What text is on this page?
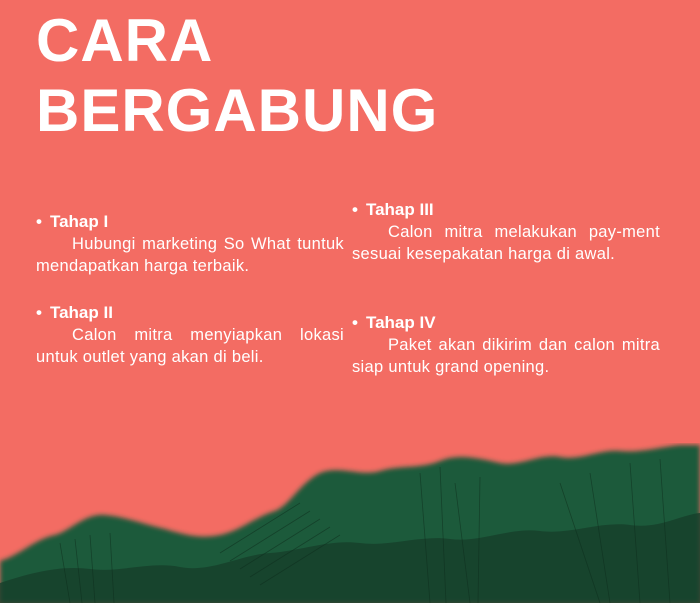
CARA
BERGABUNG
• Tahap I
Hubungi marketing So What tuntuk mendapatkan harga terbaik.
• Tahap II
Calon mitra menyiapkan lokasi untuk outlet yang akan di beli.
• Tahap III
Calon mitra melakukan pay-ment sesuai kesepakatan harga di awal.
• Tahap IV
Paket akan dikirim dan calon mitra siap untuk grand opening.
